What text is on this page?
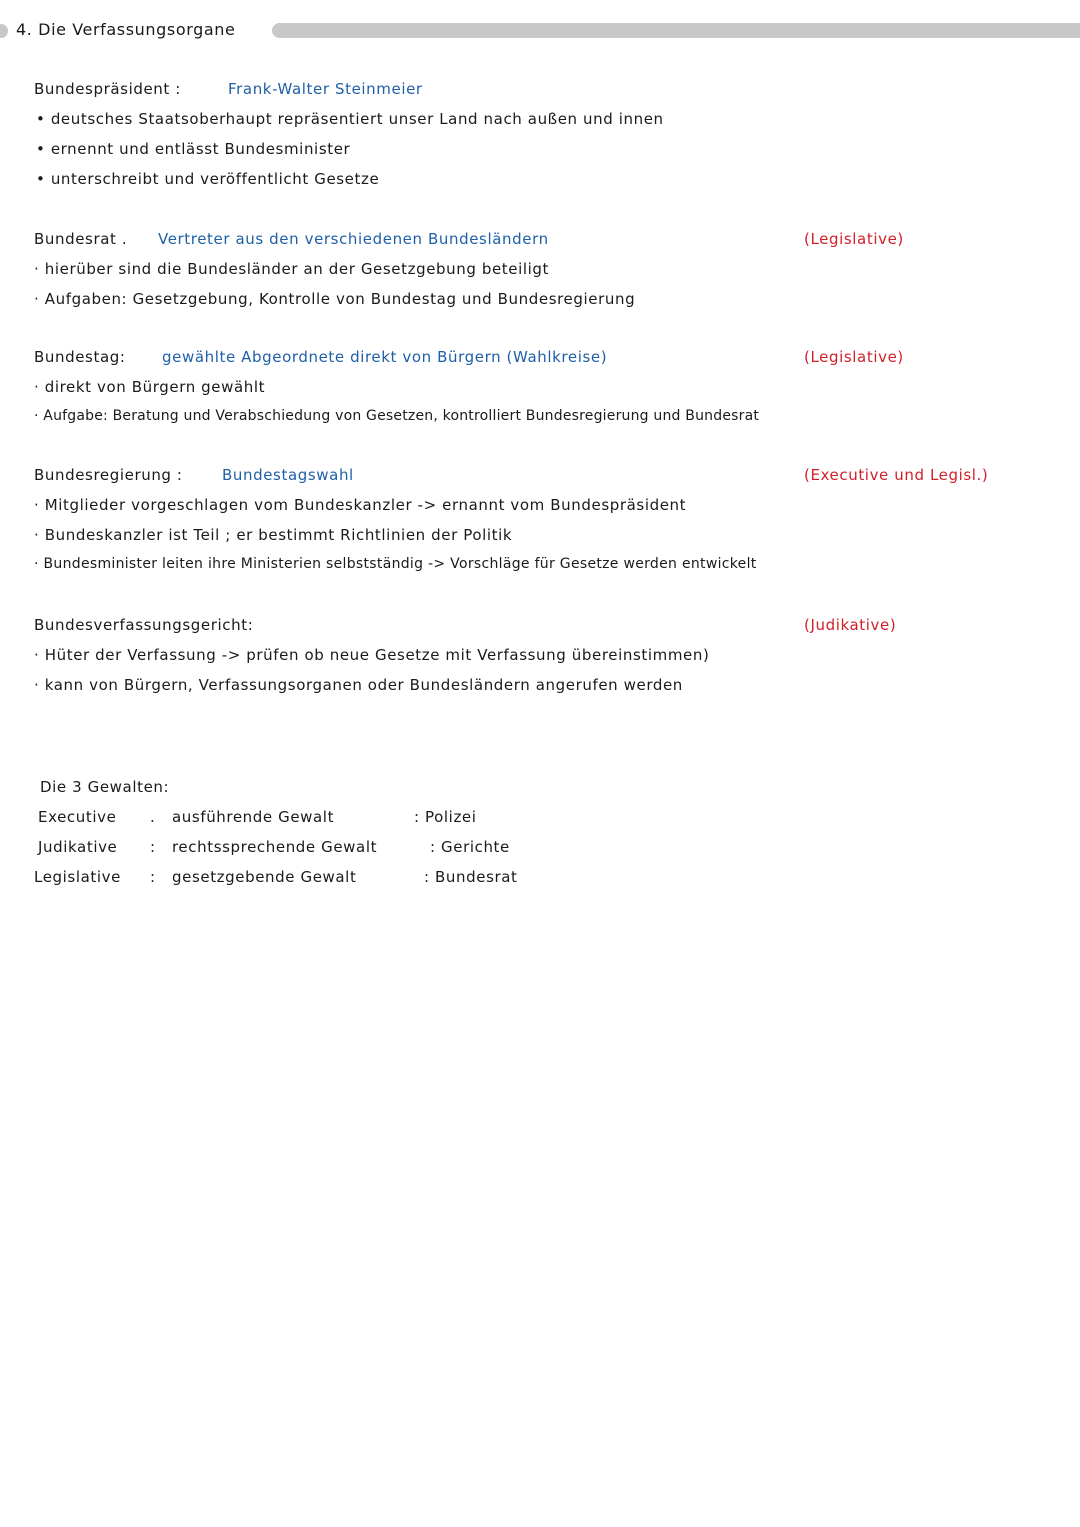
4. Die Verfassungsorgane
Bundespräsident :	Frank-Walter Steinmeier
• deutsches Staatsoberhaupt repräsentiert unser Land nach außen und innen
• ernennt und entlässt Bundesminister
• unterschreibt und veröffentlicht Gesetze
Bundesrat . Vertreter aus den verschiedenen Bundesländern	(Legislative)
· hierüber sind die Bundesländer an der Gesetzgebung beteiligt
· Aufgaben: Gesetzgebung, Kontrolle von Bundestag und Bundesregierung
Bundestag: gewählte Abgeordnete direkt von Bürgern (Wahlkreise)	(Legislative)
· direkt von Bürgern gewählt
· Aufgabe: Beratung und Verabschiedung von Gesetzen, kontrolliert Bundesregierung und Bundesrat
Bundesregierung :	Bundestagswahl	(Executive und Legisl.)
· Mitglieder vorgeschlagen vom Bundeskanzler -> ernannt vom Bundespräsident
· Bundeskanzler ist Teil ; er bestimmt Richtlinien der Politik
· Bundesminister leiten ihre Ministerien selbstständig -> Vorschläge für Gesetze werden entwickelt
Bundesverfassungsgericht:	(Judikative)
· Hüter der Verfassung -> prüfen ob neue Gesetze mit Verfassung übereinstimmen)
· kann von Bürgern, Verfassungsorganen oder Bundesländern angerufen werden
Die 3 Gewalten:
Executive . ausführende Gewalt	: Polizei
Judikative : rechtssprechende Gewalt	: Gerichte
Legislative : gesetzgebende Gewalt	: Bundesrat
